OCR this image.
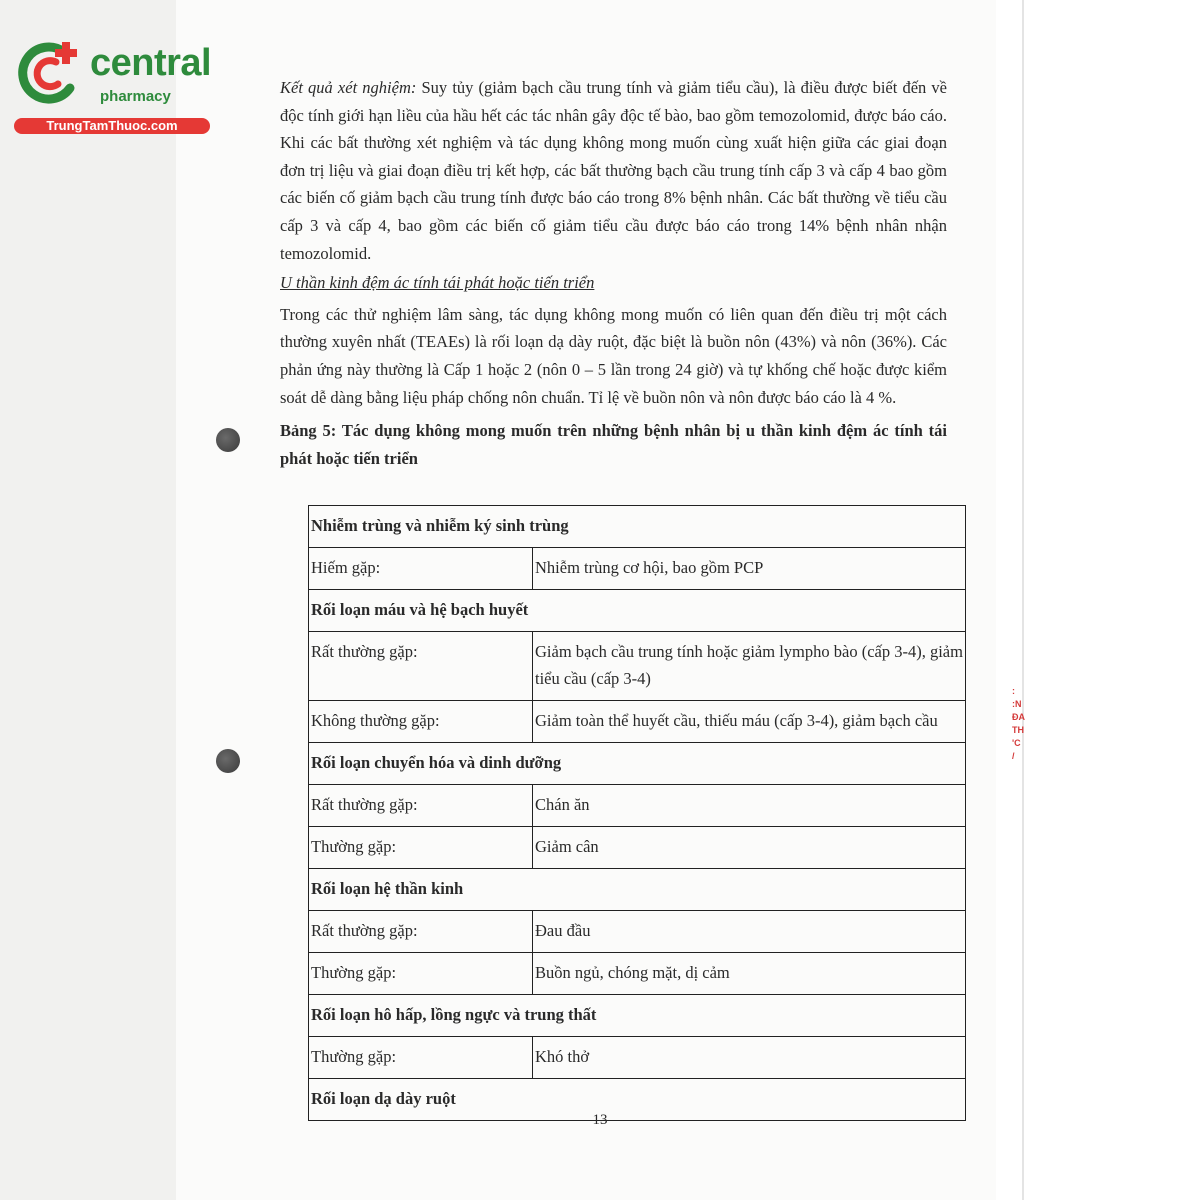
:
:N
ĐA
TH
'C
/
central
pharmacy
TrungTamThuoc.com

Kết quả xét nghiệm: Suy tủy (giảm bạch cầu trung tính và giảm tiểu cầu), là điều được biết đến về độc tính giới hạn liều của hầu hết các tác nhân gây độc tế bào, bao gồm temozolomid, được báo cáo. Khi các bất thường xét nghiệm và tác dụng không mong muốn cùng xuất hiện giữa các giai đoạn đơn trị liệu và giai đoạn điều trị kết hợp, các bất thường bạch cầu trung tính cấp 3 và cấp 4 bao gồm các biến cố giảm bạch cầu trung tính được báo cáo trong 8% bệnh nhân. Các bất thường về tiểu cầu cấp 3 và cấp 4, bao gồm các biến cố giảm tiểu cầu được báo cáo trong 14% bệnh nhân nhận temozolomid.

U thần kinh đệm ác tính tái phát hoặc tiến triển

Trong các thử nghiệm lâm sàng, tác dụng không mong muốn có liên quan đến điều trị một cách thường xuyên nhất (TEAEs) là rối loạn dạ dày ruột, đặc biệt là buồn nôn (43%) và nôn (36%). Các phản ứng này thường là Cấp 1 hoặc 2 (nôn 0 – 5 lần trong 24 giờ) và tự khống chế hoặc được kiểm soát dễ dàng bằng liệu pháp chống nôn chuẩn. Tỉ lệ về buồn nôn và nôn được báo cáo là 4 %.

Bảng 5: Tác dụng không mong muốn trên những bệnh nhân bị u thần kinh đệm ác tính tái phát hoặc tiến triển

Nhiễm trùng và nhiễm ký sinh trùng	
Hiếm gặp:	Nhiễm trùng cơ hội, bao gồm PCP
Rối loạn máu và hệ bạch huyết	
Rất thường gặp:	Giảm bạch cầu trung tính hoặc giảm lympho bào (cấp 3-4), giảm tiểu cầu (cấp 3-4)
Không thường gặp:	Giảm toàn thể huyết cầu, thiếu máu (cấp 3-4), giảm bạch cầu
Rối loạn chuyển hóa và dinh dưỡng	
Rất thường gặp:	Chán ăn
Thường gặp:	Giảm cân
Rối loạn hệ thần kinh	
Rất thường gặp:	Đau đầu
Thường gặp:	Buồn ngủ, chóng mặt, dị cảm
Rối loạn hô hấp, lồng ngực và trung thất	
Thường gặp:	Khó thở
Rối loạn dạ dày ruột	
13
